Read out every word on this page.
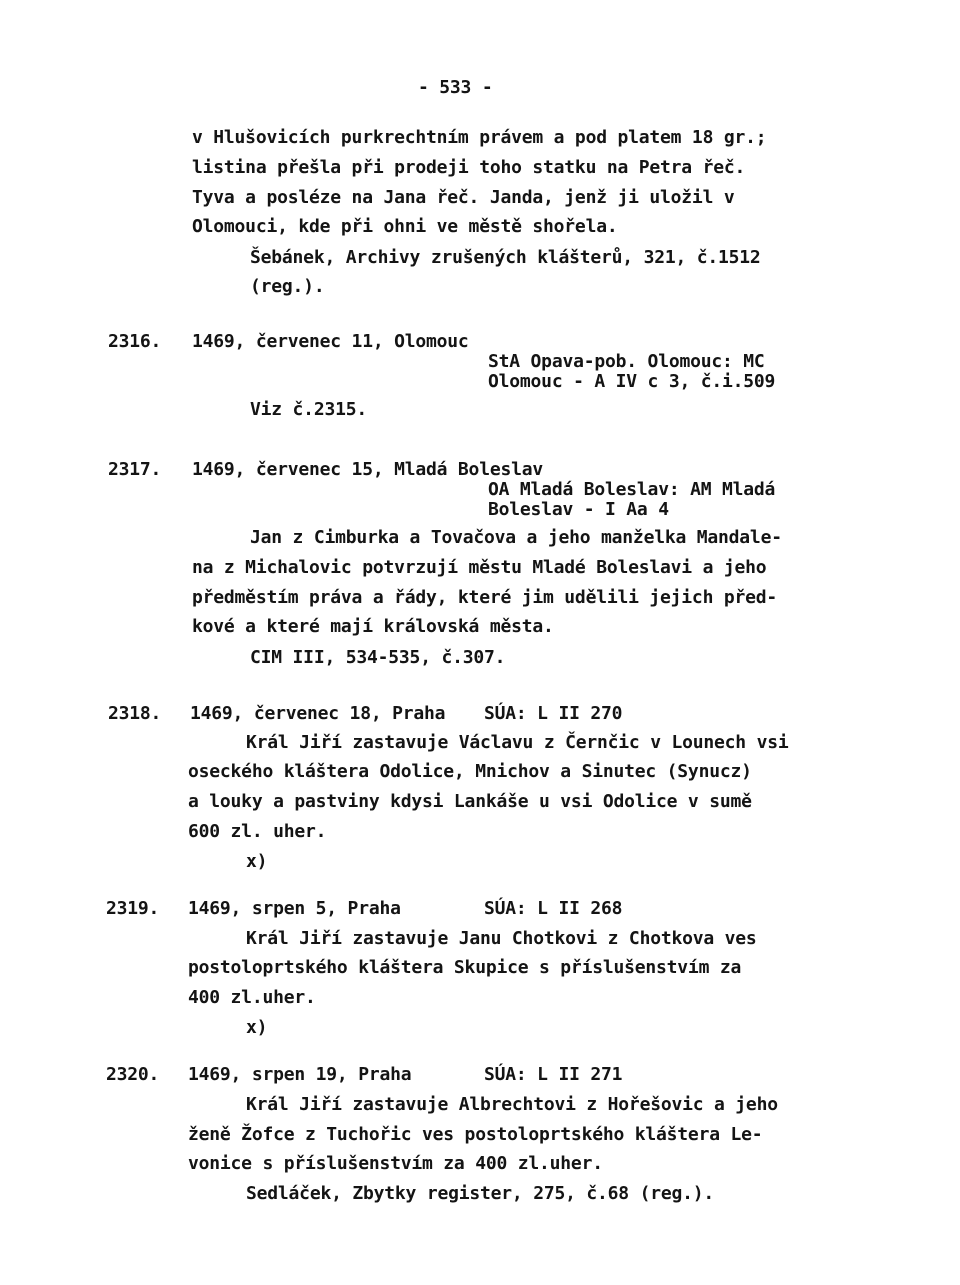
- 533 -
v Hlušovicích purkrechtním právem a pod platem 18 gr.;
listina přešla při prodeji toho statku na Petra řeč.
Tyva a posléze na Jana řeč. Janda, jenž ji uložil v
Olomouci, kde při ohni ve městě shořela.
Šebánek, Archivy zrušených klášterů, 321, č.1512
(reg.).
2316. 1469, červenec 11, Olomouc
StA Opava-pob. Olomouc: MC
Olomouc - A IV c 3, č.i.509
Viz č.2315.
2317. 1469, červenec 15, Mladá Boleslav
OA Mladá Boleslav: AM Mladá
Boleslav - I Aa 4
Jan z Cimburka a Tovačova a jeho manželka Mandale-
na z Michalovic potvrzují městu Mladé Boleslavi a jeho
předměstím práva a řády, které jim udělili jejich před-
kové a které mají královská města.
CIM III, 534-535, č.307.
2318. 1469, červenec 18, Praha SÚA: L II 270
Král Jiří zastavuje Václavu z Černčic v Lounech vsi
oseckého kláštera Odolice, Mnichov a Sinutec (Synucz)
a louky a pastviny kdysi Lankáše u vsi Odolice v sumě
600 zl. uher.
x)
2319. 1469, srpen 5, Praha	SÚA: L II 268
Král Jiří zastavuje Janu Chotkovi z Chotkova ves
postoloprtského kláštera Skupice s příslušenstvím za
400 zl.uher.
x)
2320. 1469, srpen 19, Praha	SÚA: L II 271
Král Jiří zastavuje Albrechtovi z Hořešovic a jeho
ženě Žofce z Tuchořic ves postoloprtského kláštera Le-
vonice s příslušenstvím za 400 zl.uher.
Sedláček, Zbytky register, 275, č.68 (reg.).
